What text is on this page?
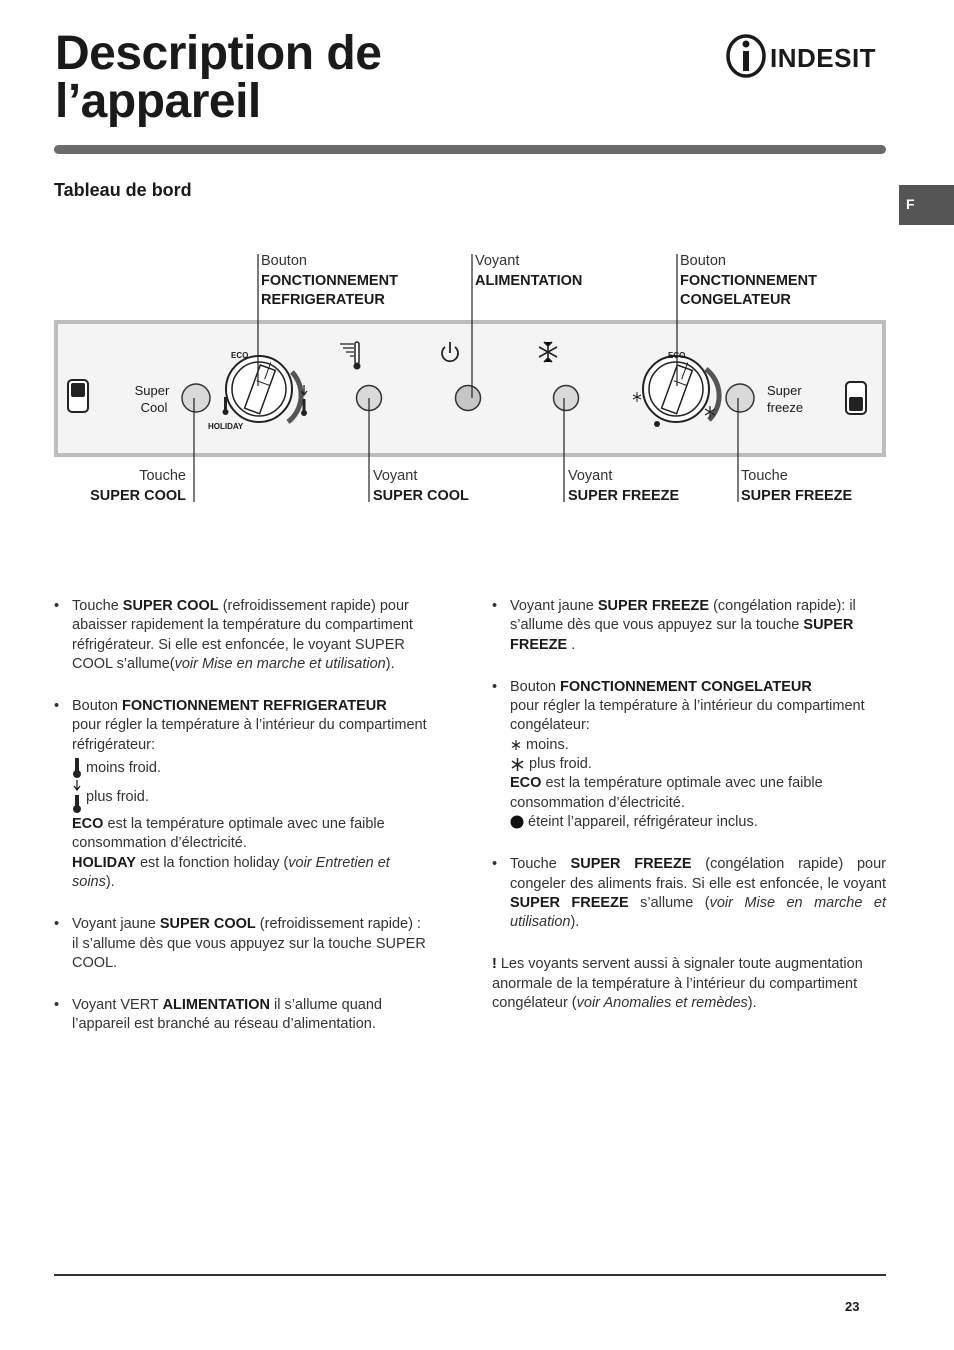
Description de
l’appareil
INDESIT
Tableau de bord
F
Bouton
FONCTIONNEMENT
REFRIGERATEUR
Voyant
ALIMENTATION
Bouton
FONCTIONNEMENT
CONGELATEUR
Super
Cool
ECO
HOLIDAY
ECO
Super
freeze
Touche
SUPER COOL
Voyant
SUPER COOL
Voyant
SUPER FREEZE
Touche
SUPER FREEZE
• Touche SUPER COOL (refroidissement rapide) pour abaisser rapidement la température du compartiment réfrigérateur. Si elle est enfoncée, le voyant SUPER COOL s’allume(voir Mise en marche et utilisation).
• Bouton FONCTIONNEMENT REFRIGERATEUR
pour régler la température à l’intérieur du compartiment réfrigérateur:
moins froid.
plus froid.
ECO est la température optimale avec une faible consommation d’électricité.
HOLIDAY est la fonction holiday (voir Entretien et soins).
• Voyant jaune SUPER COOL (refroidissement rapide) : il s’allume dès que vous appuyez sur la touche SUPER COOL.
• Voyant VERT ALIMENTATION il s’allume quand l’appareil est branché au réseau d’alimentation.
• Voyant jaune SUPER FREEZE (congélation rapide): il s’allume dès que vous appuyez sur la touche SUPER FREEZE .
• Bouton FONCTIONNEMENT CONGELATEUR
pour régler la température à l’intérieur du compartiment congélateur:
moins.
plus froid.
ECO est la température optimale avec une faible consommation d’électricité.
éteint l’appareil, réfrigérateur inclus.
• Touche SUPER FREEZE (congélation rapide) pour congeler des aliments frais. Si elle est enfoncée, le voyant SUPER FREEZE s’allume (voir Mise en marche et utilisation).
! Les voyants servent aussi à signaler toute augmentation anormale de la température à l’intérieur du compartiment congélateur (voir Anomalies et remèdes).
23
